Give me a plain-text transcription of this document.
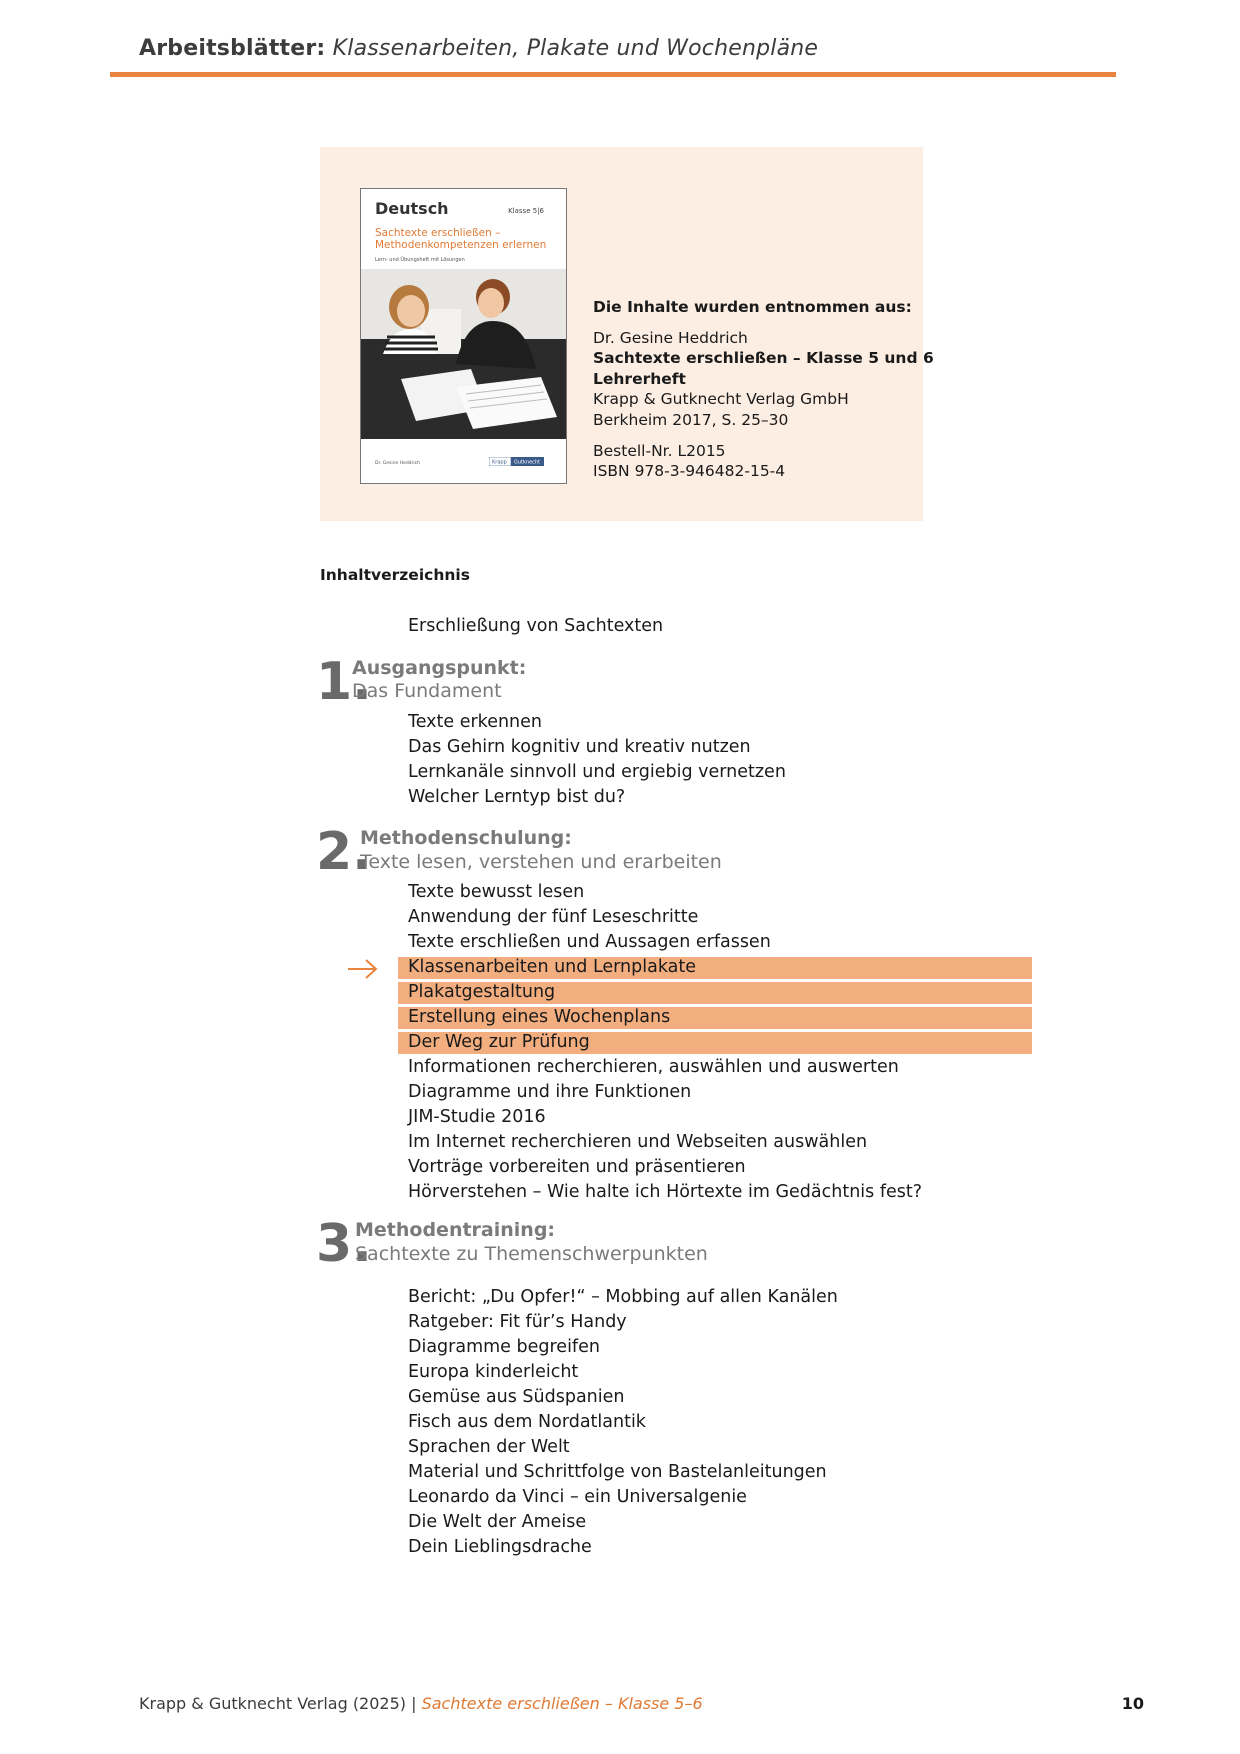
Arbeitsblätter: Klassenarbeiten, Plakate und Wochenpläne
Deutsch	Klasse 5|6
Sachtexte erschließen –
Methodenkompetenzen erlernen
Lern- und Übungsheft mit Lösungen
Dr. Gesine Heddrich	Krapp Gutknecht
Die Inhalte wurden entnommen aus:
Dr. Gesine Heddrich
Sachtexte erschließen – Klasse 5 und 6
Lehrerheft
Krapp & Gutknecht Verlag GmbH
Berkheim 2017, S. 25–30
Bestell-Nr. L2015
ISBN 978-3-946482-15-4
Inhaltverzeichnis
Erschließung von Sachtexten
1.
Ausgangspunkt:
Das Fundament
Texte erkennen
Das Gehirn kognitiv und kreativ nutzen
Lernkanäle sinnvoll und ergiebig vernetzen
Welcher Lerntyp bist du?
2.
Methodenschulung:
Texte lesen, verstehen und erarbeiten
Texte bewusst lesen
Anwendung der fünf Leseschritte
Texte erschließen und Aussagen erfassen
Klassenarbeiten und Lernplakate
Plakatgestaltung
Erstellung eines Wochenplans
Der Weg zur Prüfung
Informationen recherchieren, auswählen und auswerten
Diagramme und ihre Funktionen
JIM-Studie 2016
Im Internet recherchieren und Webseiten auswählen
Vorträge vorbereiten und präsentieren
Hörverstehen – Wie halte ich Hörtexte im Gedächtnis fest?
3.
Methodentraining:
Sachtexte zu Themenschwerpunkten
Bericht: „Du Opfer!“ – Mobbing auf allen Kanälen
Ratgeber: Fit für’s Handy
Diagramme begreifen
Europa kinderleicht
Gemüse aus Südspanien
Fisch aus dem Nordatlantik
Sprachen der Welt
Material und Schrittfolge von Bastelanleitungen
Leonardo da Vinci – ein Universalgenie
Die Welt der Ameise
Dein Lieblingsdrache
Krapp & Gutknecht Verlag (2025) | Sachtexte erschließen – Klasse 5–6	10
